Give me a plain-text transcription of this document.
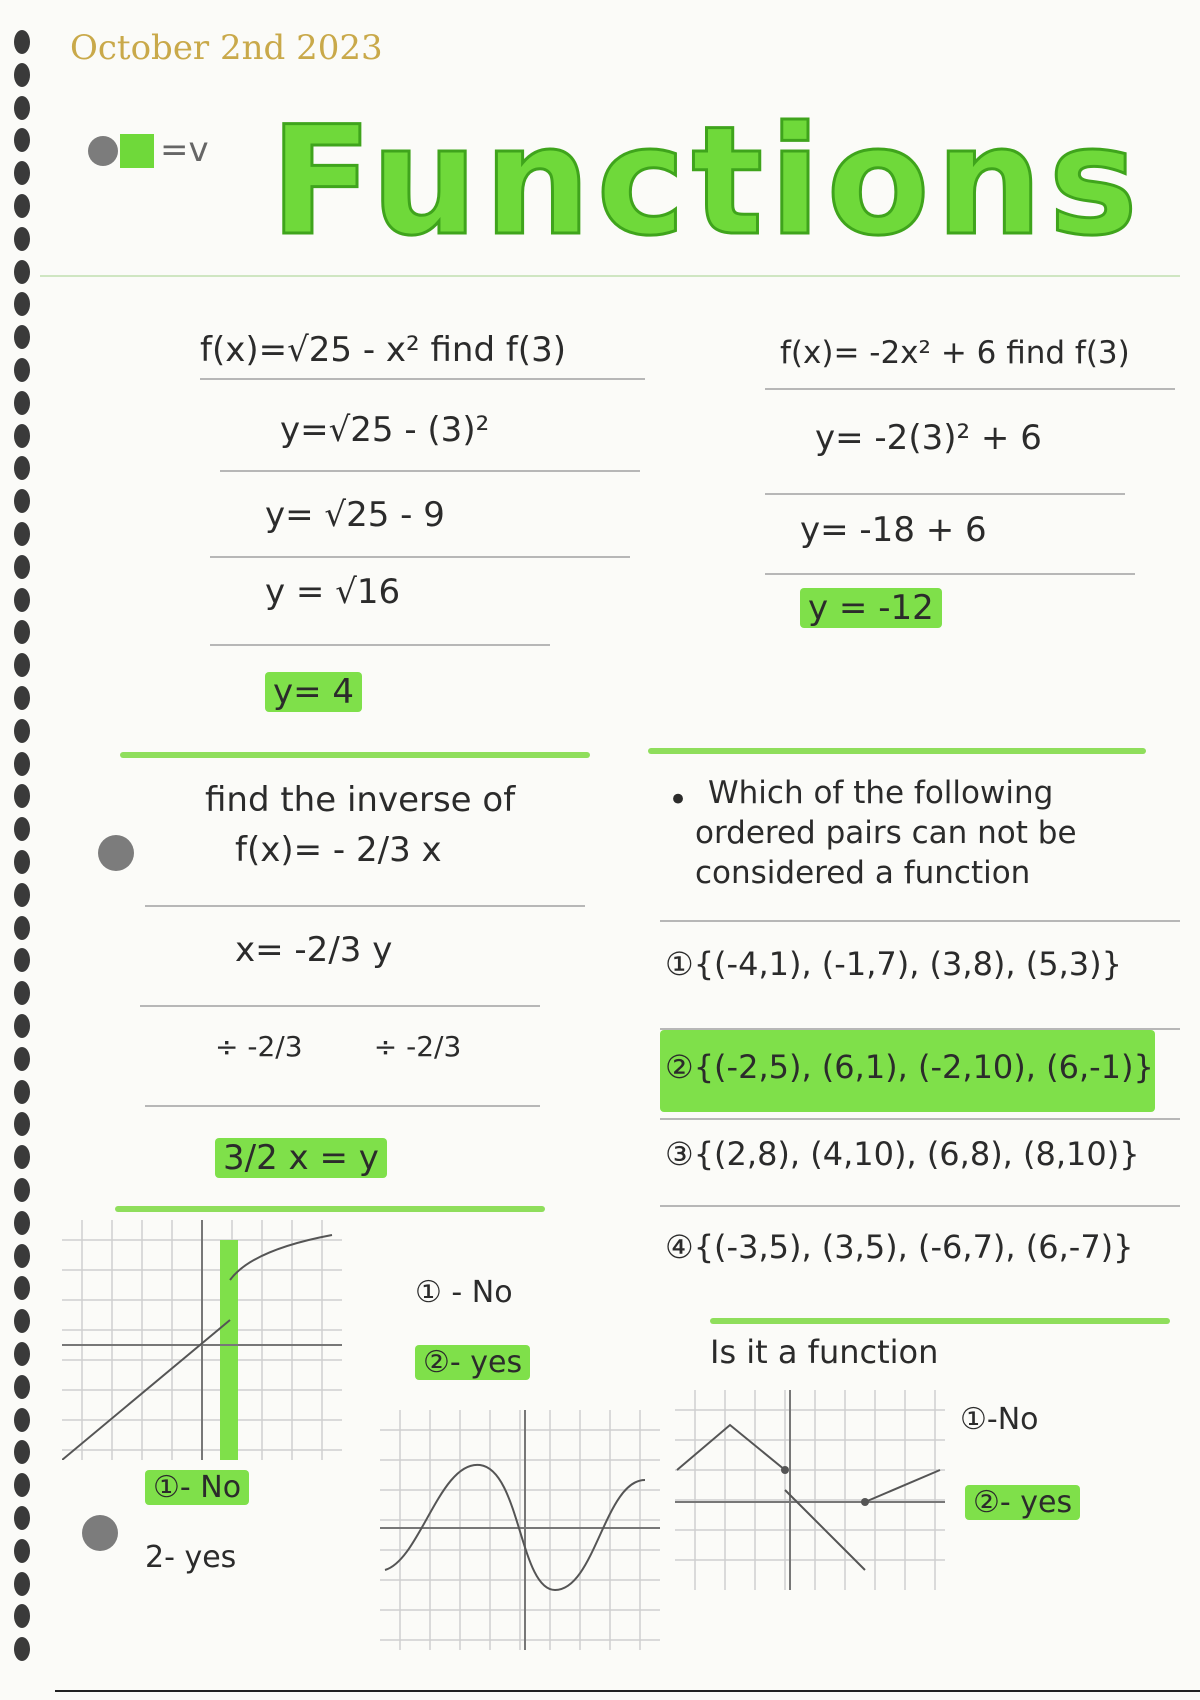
October 2nd 2023
=v Functions
f(x)=√25 - x² find f(3)
y=√25 - (3)²
y= √25 - 9
y = √16
y= 4
f(x)= -2x² + 6 find f(3)
y= -2(3)² + 6
y= -18 + 6
y = -12
find the inverse of
f(x)= - 2/3 x
x= -2/3 y
÷ -2/3        ÷ -2/3
3/2 x = y
• Which of the following
ordered pairs can not be
considered a function
①{(-4,1), (-1,7), (3,8), (5,3)}
②{(-2,5), (6,1), (-2,10), (6,-1)}
③{(2,8), (4,10), (6,8), (8,10)}
④{(-3,5), (3,5), (-6,7), (6,-7)}
①- No
2- yes
① - No
②- yes	Is it a function
①-No
②- yes
